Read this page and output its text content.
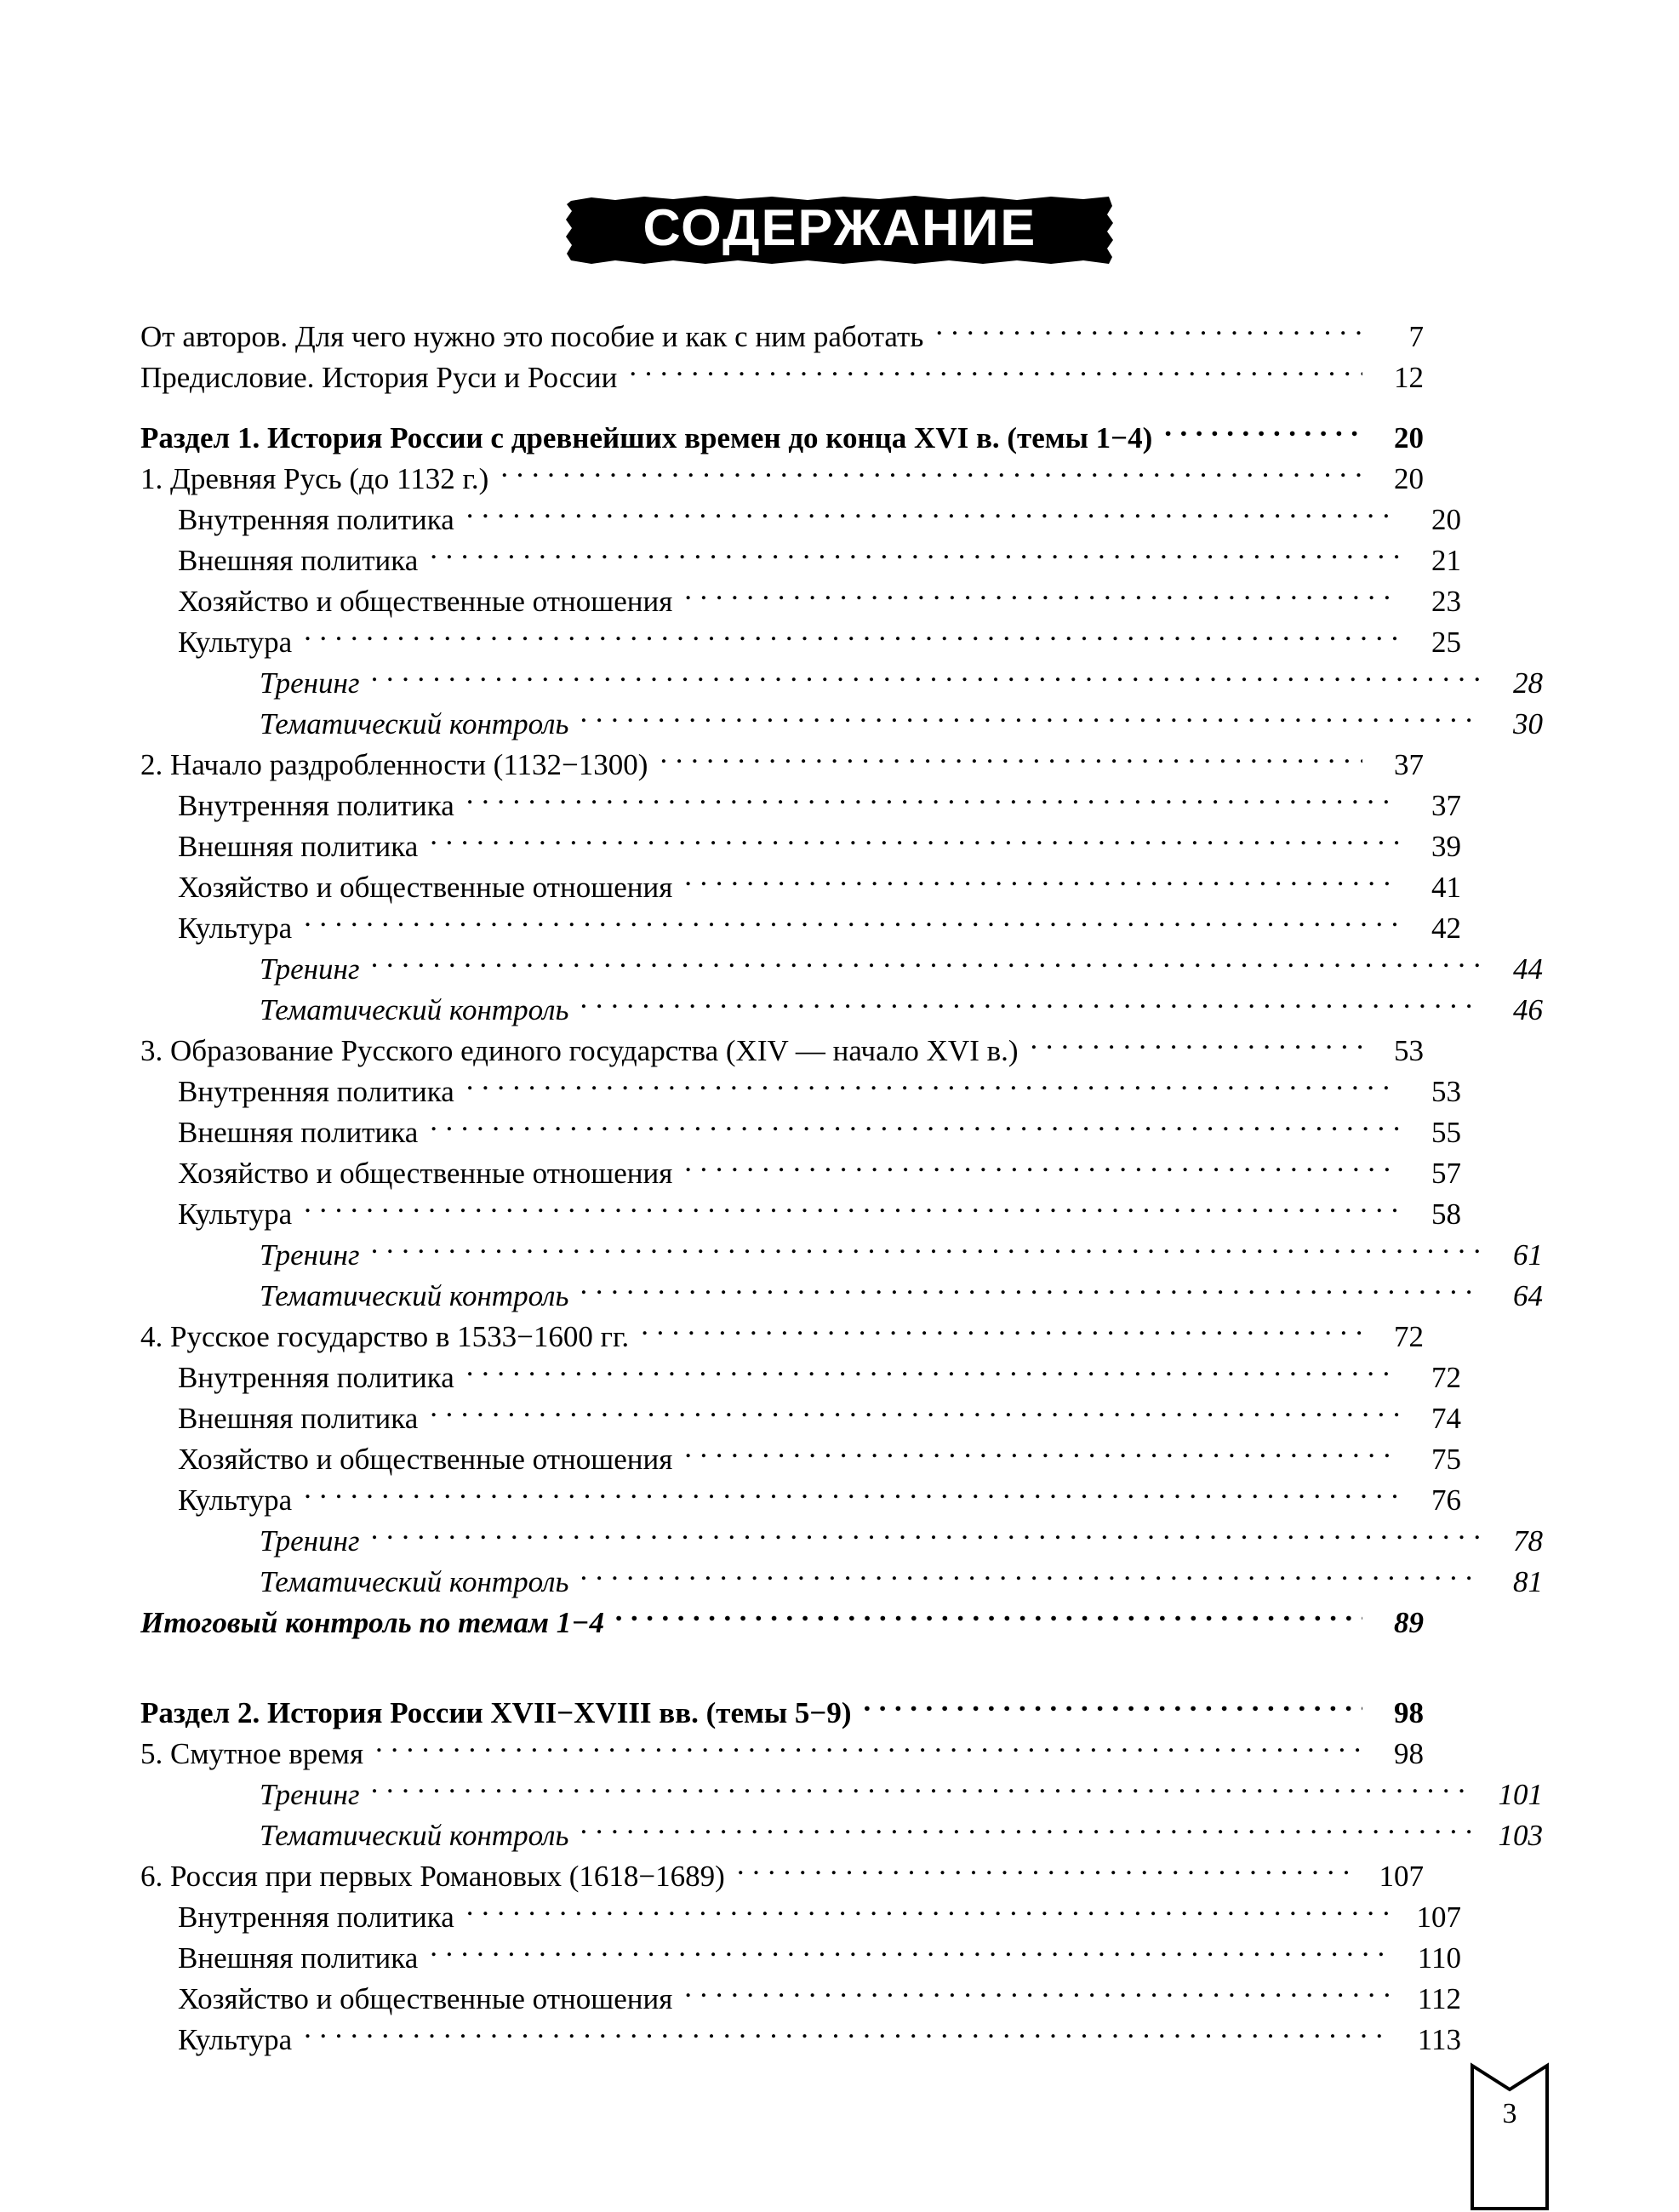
СОДЕРЖАНИЕ
От авторов. Для чего нужно это пособие и как с ним работать .....	7
Предисловие. История Руси и России .....	12
Раздел 1. История России с древнейших времен до конца XVI в. (темы 1−4) .....	20
1. Древняя Русь (до 1132 г.) .....	20
Внутренняя политика .....	20
Внешняя политика .....	21
Хозяйство и общественные отношения .....	23
Культура .....	25
Тренинг .....	28
Тематический контроль .....	30
2. Начало раздробленности (1132−1300) .....	37
Внутренняя политика .....	37
Внешняя политика .....	39
Хозяйство и общественные отношения .....	41
Культура .....	42
Тренинг .....	44
Тематический контроль .....	46
3. Образование Русского единого государства (XIV — начало XVI в.) .....	53
Внутренняя политика .....	53
Внешняя политика .....	55
Хозяйство и общественные отношения .....	57
Культура .....	58
Тренинг .....	61
Тематический контроль .....	64
4. Русское государство в 1533−1600 гг. .....	72
Внутренняя политика .....	72
Внешняя политика .....	74
Хозяйство и общественные отношения .....	75
Культура .....	76
Тренинг .....	78
Тематический контроль .....	81
Итоговый контроль по темам 1−4 .....	89
Раздел 2. История России XVII−XVIII вв. (темы 5−9) .....	98
5. Смутное время .....	98
Тренинг .....	101
Тематический контроль .....	103
6. Россия при первых Романовых (1618−1689) .....	107
Внутренняя политика .....	107
Внешняя политика .....	110
Хозяйство и общественные отношения .....	112
Культура .....	113
3
